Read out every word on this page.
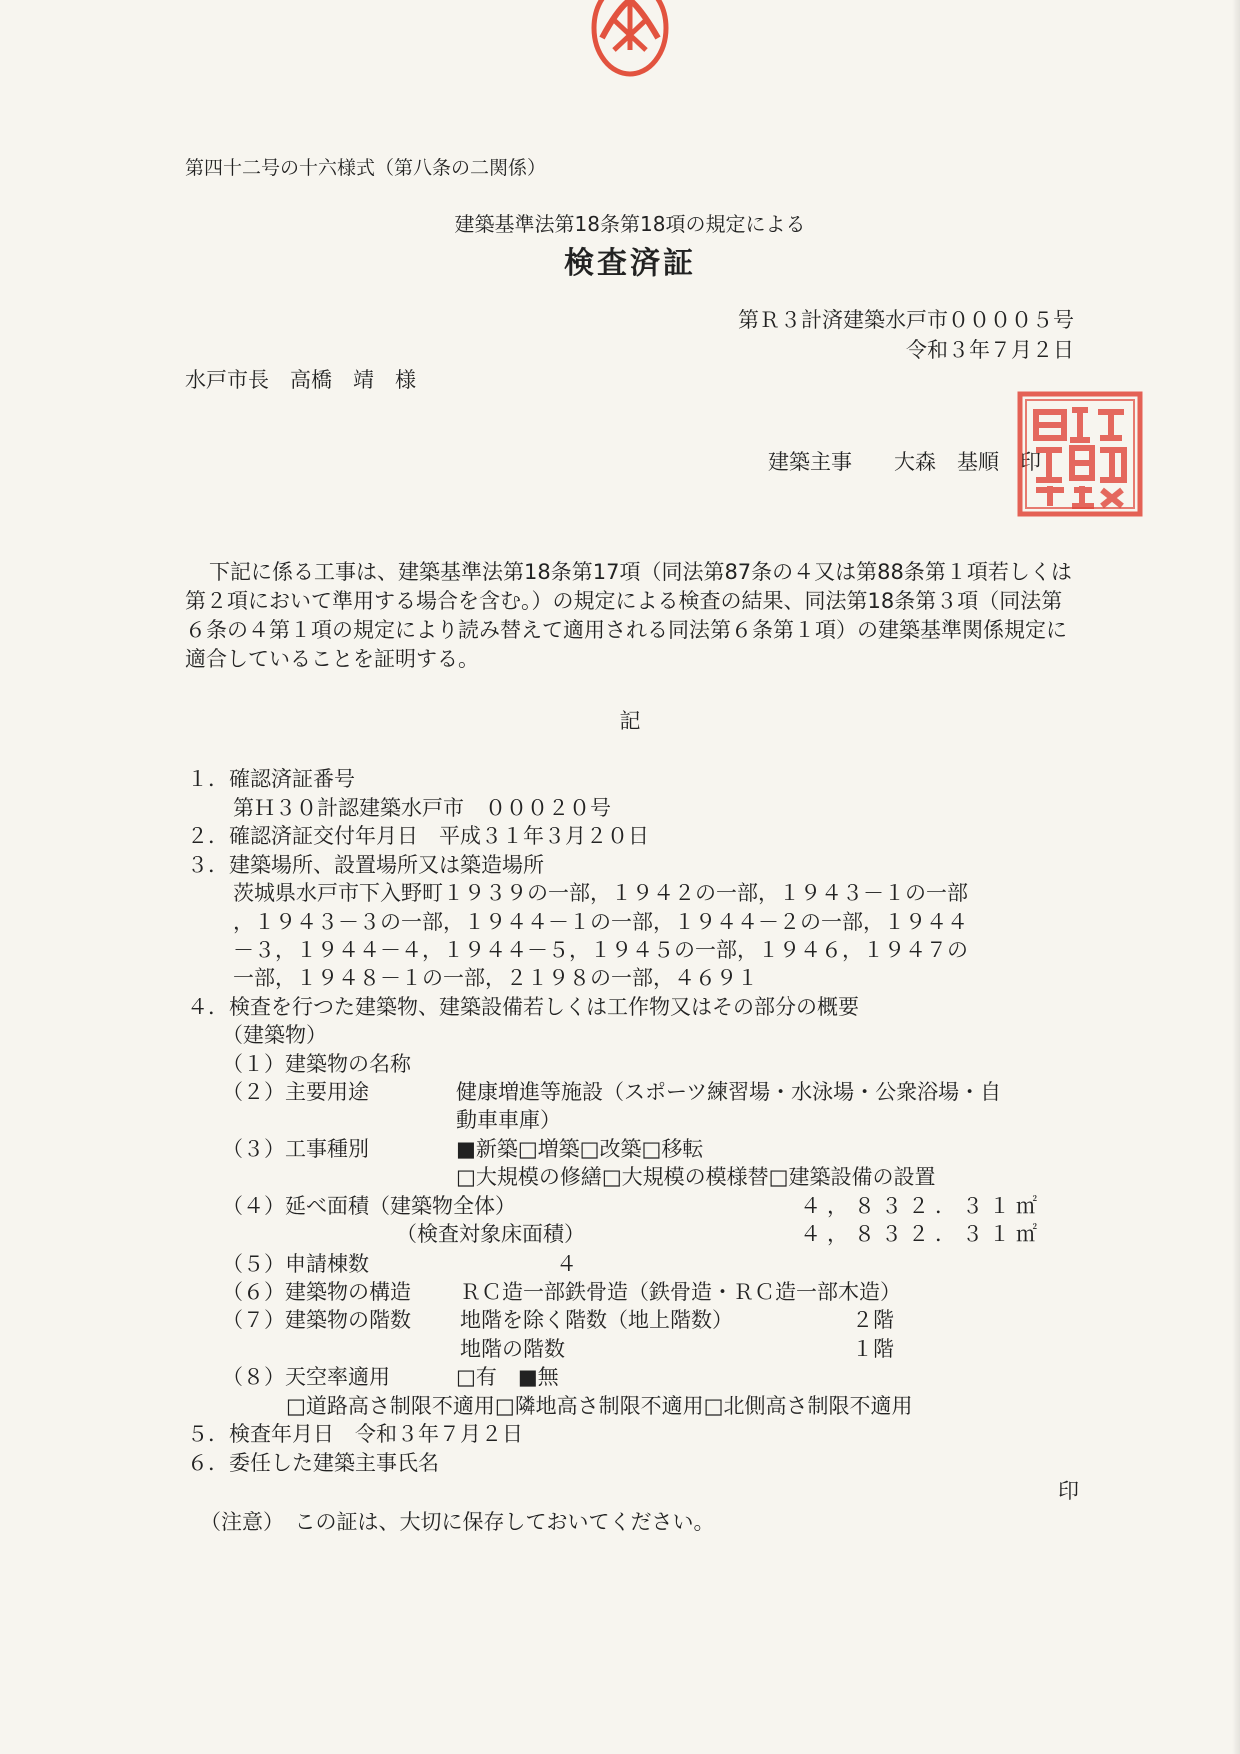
第四十二号の十六様式（第八条の二関係）
建築基準法第18条第18項の規定による
検査済証
第Ｒ３計済建築水戸市００００５号
令和３年７月２日
水戸市長　高橋　靖　様
建築主事　　大森　基順　印
下記に係る工事は、建築基準法第18条第17項（同法第87条の４又は第88条第１項若しくは第２項において準用する場合を含む。）の規定による検査の結果、同法第18条第３項（同法第６条の４第１項の規定により読み替えて適用される同法第６条第１項）の建築基準関係規定に適合していることを証明する。
記
１．確認済証番号
第Ｈ３０計認建築水戸市　０００２０号
２．確認済証交付年月日　平成３１年３月２０日
３．建築場所、設置場所又は築造場所
茨城県水戸市下入野町１９３９の一部，１９４２の一部，１９４３－１の一部
，１９４３－３の一部，１９４４－１の一部，１９４４－２の一部，１９４４
－３，１９４４－４，１９４４－５，１９４５の一部，１９４６，１９４７の
一部，１９４８－１の一部，２１９８の一部，４６９１
４．検査を行つた建築物、建築設備若しくは工作物又はその部分の概要
（建築物）
（１）建築物の名称
（２）主要用途	健康増進等施設（スポーツ練習場・水泳場・公衆浴場・自
動車車庫）
（３）工事種別	■新築□増築□改築□移転
□大規模の修繕□大規模の模様替□建築設備の設置
（４）延べ面積（建築物全体）	４，８３２．３１㎡
（検査対象床面積）	４，８３２．３１㎡
（５）申請棟数	４
（６）建築物の構造 ＲＣ造一部鉄骨造（鉄骨造・ＲＣ造一部木造）
（７）建築物の階数 地階を除く階数（地上階数）	２階
地階の階数	１階
（８）天空率適用	□有　■無
□道路高さ制限不適用□隣地高さ制限不適用□北側高さ制限不適用
５．検査年月日　令和３年７月２日
６．委任した建築主事氏名
印
（注意）　この証は、大切に保存しておいてください。
